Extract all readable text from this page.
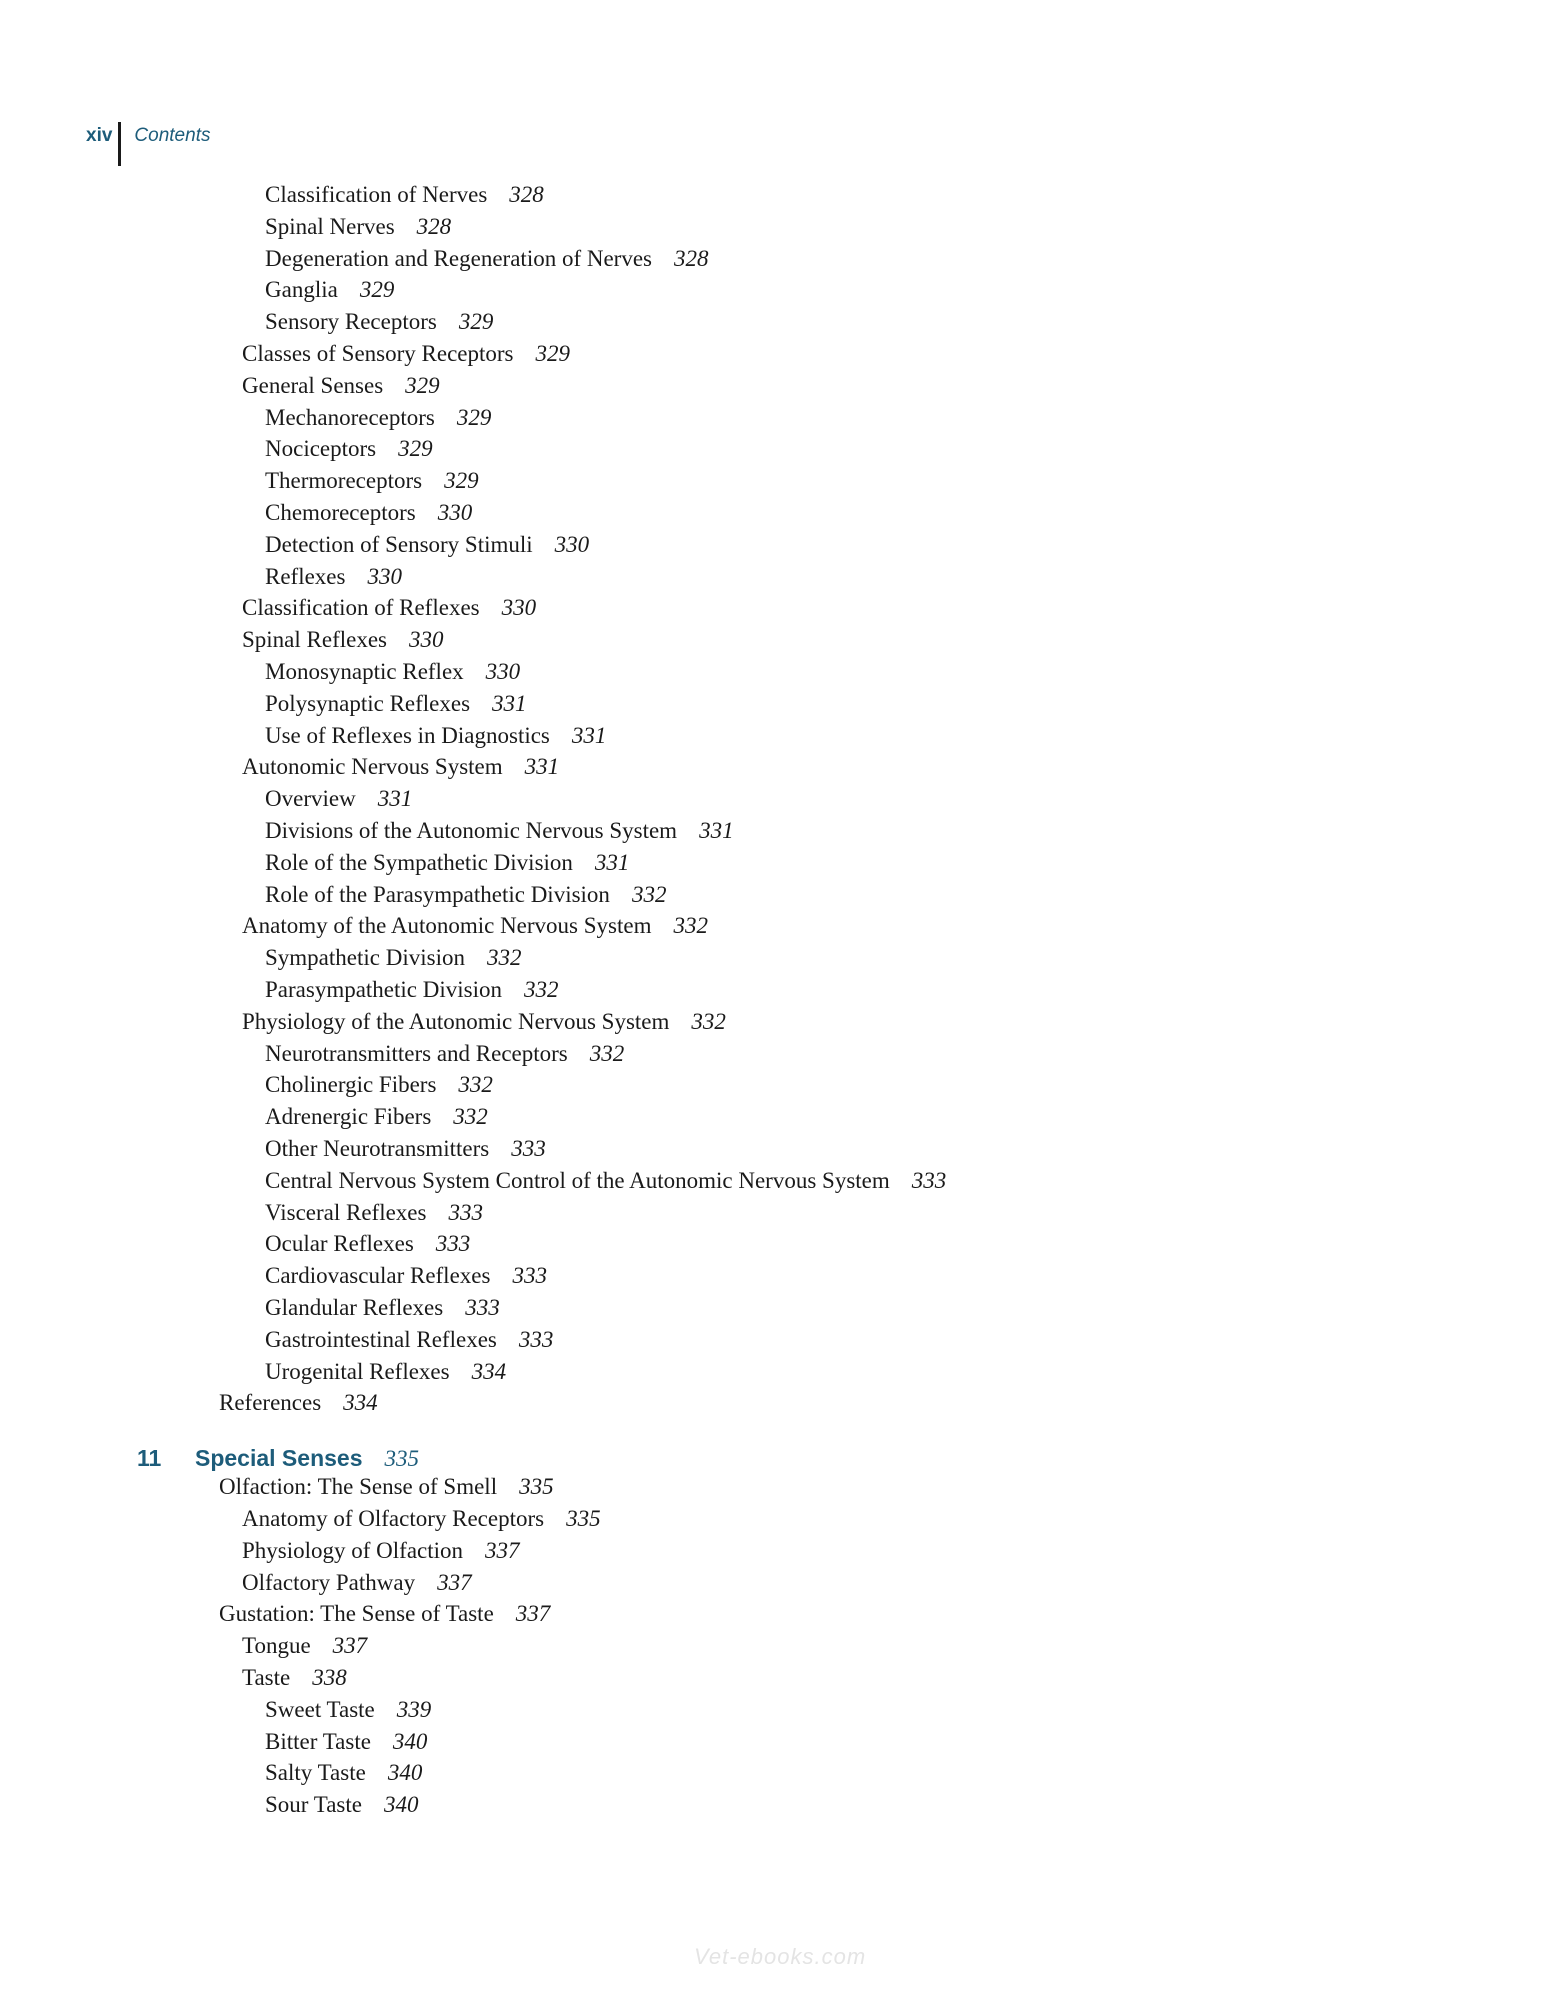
xiv	Contents
Classification of Nerves 328
Spinal Nerves 328
Degeneration and Regeneration of Nerves 328
Ganglia 329
Sensory Receptors 329
Classes of Sensory Receptors 329
General Senses 329
Mechanoreceptors 329
Nociceptors 329
Thermoreceptors 329
Chemoreceptors 330
Detection of Sensory Stimuli 330
Reflexes 330
Classification of Reflexes 330
Spinal Reflexes 330
Monosynaptic Reflex 330
Polysynaptic Reflexes 331
Use of Reflexes in Diagnostics 331
Autonomic Nervous System 331
Overview 331
Divisions of the Autonomic Nervous System 331
Role of the Sympathetic Division 331
Role of the Parasympathetic Division 332
Anatomy of the Autonomic Nervous System 332
Sympathetic Division 332
Parasympathetic Division 332
Physiology of the Autonomic Nervous System 332
Neurotransmitters and Receptors 332
Cholinergic Fibers 332
Adrenergic Fibers 332
Other Neurotransmitters 333
Central Nervous System Control of the Autonomic Nervous System 333
Visceral Reflexes 333
Ocular Reflexes 333
Cardiovascular Reflexes 333
Glandular Reflexes 333
Gastrointestinal Reflexes 333
Urogenital Reflexes 334
References 334
Olfaction: The Sense of Smell 335
Anatomy of Olfactory Receptors 335
Physiology of Olfaction 337
Olfactory Pathway 337
Gustation: The Sense of Taste 337
Tongue 337
Taste 338
Sweet Taste 339
Bitter Taste 340
Salty Taste 340
Sour Taste 340
11 Special Senses 335
Vet-ebooks.com
